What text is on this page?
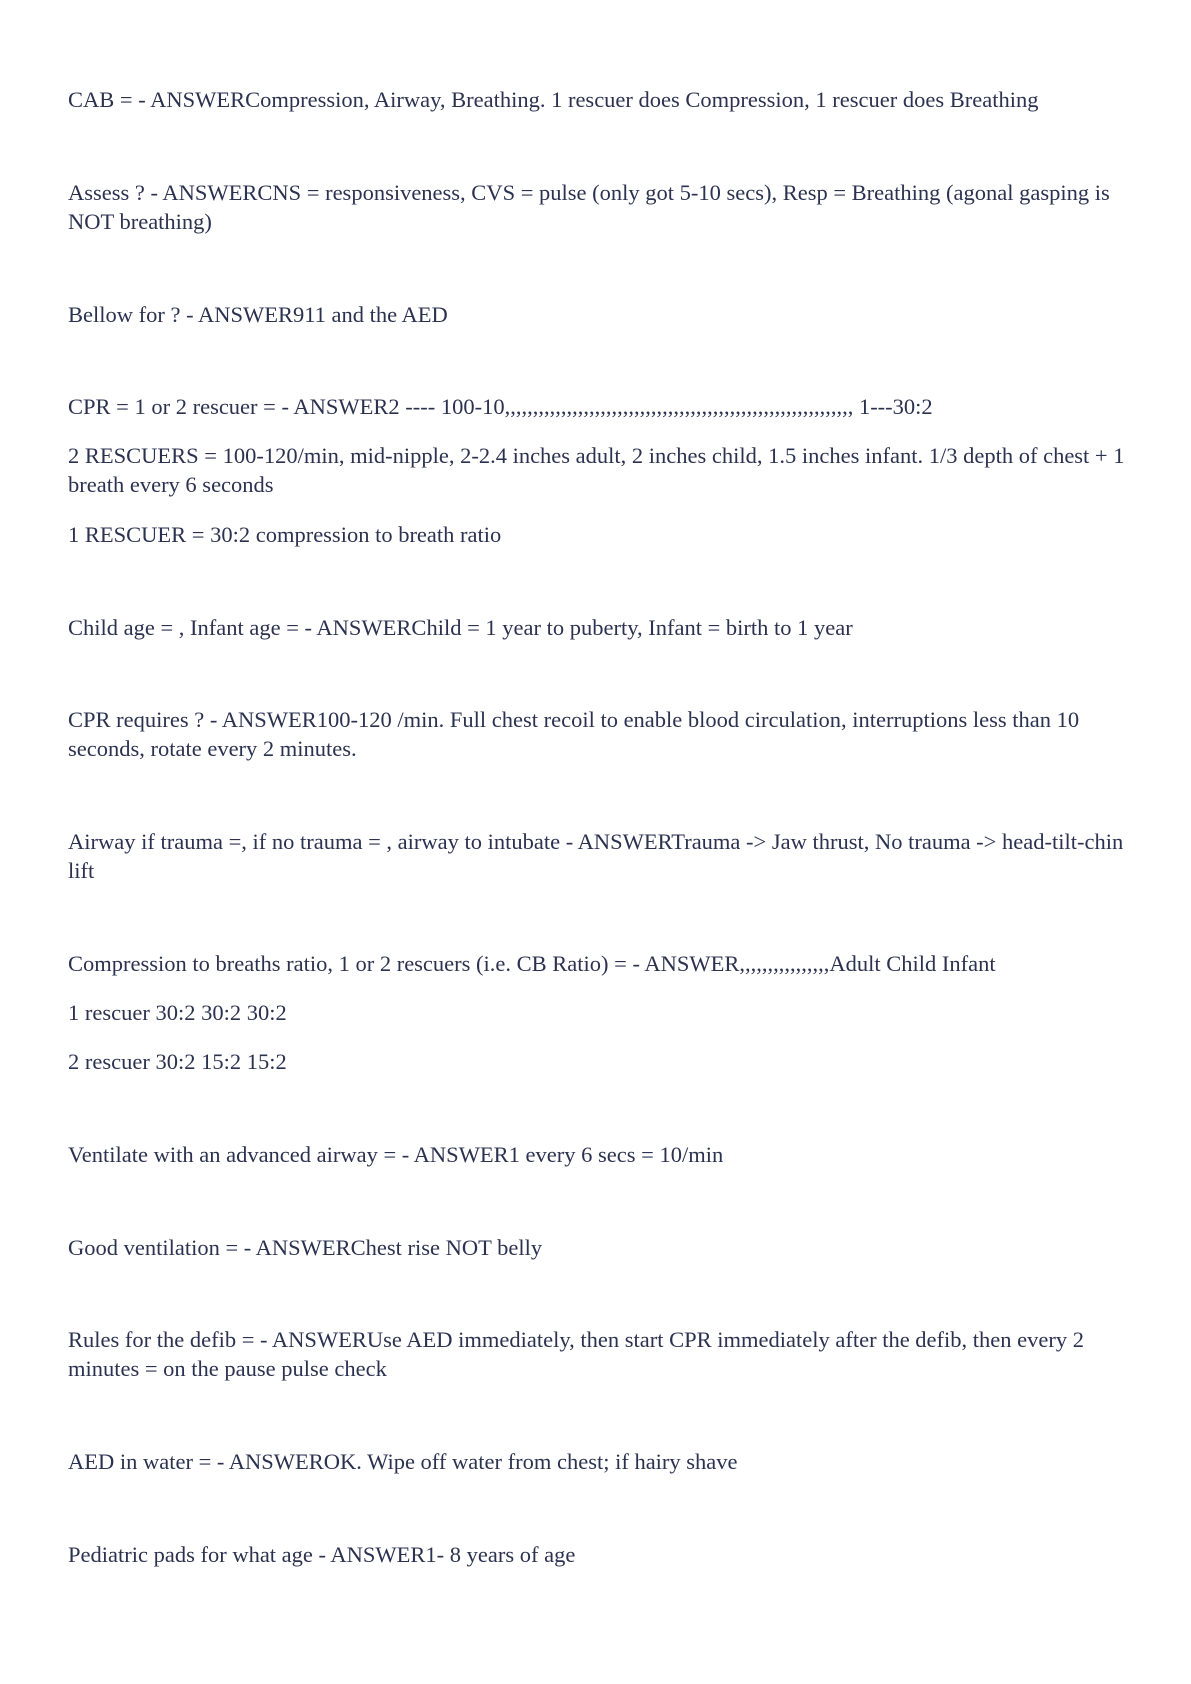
CAB = - ANSWERCompression, Airway, Breathing. 1 rescuer does Compression, 1 rescuer does Breathing

Assess ? - ANSWERCNS = responsiveness, CVS = pulse (only got 5-10 secs), Resp = Breathing (agonal gasping is NOT breathing)

Bellow for ? - ANSWER911 and the AED

CPR = 1 or 2 rescuer = - ANSWER2 ---- 100-10,,,,,,,,,,,,,,,,,,,,,,,,,,,,,,,,,,,,,,,,,,,,,,,,,,,,,,,,,,,,,, 1---30:2

2 RESCUERS = 100-120/min, mid-nipple, 2-2.4 inches adult, 2 inches child, 1.5 inches infant. 1/3 depth of chest + 1 breath every 6 seconds

1 RESCUER = 30:2 compression to breath ratio

Child age = , Infant age = - ANSWERChild = 1 year to puberty, Infant = birth to 1 year

CPR requires ? - ANSWER100-120 /min. Full chest recoil to enable blood circulation, interruptions less than 10 seconds, rotate every 2 minutes.

Airway if trauma =, if no trauma = , airway to intubate - ANSWERTrauma -> Jaw thrust, No trauma -> head-tilt-chin lift

Compression to breaths ratio, 1 or 2 rescuers (i.e. CB Ratio) = - ANSWER,,,,,,,,,,,,,,,,Adult Child Infant

1 rescuer 30:2 30:2 30:2

2 rescuer 30:2 15:2 15:2

Ventilate with an advanced airway = - ANSWER1 every 6 secs = 10/min

Good ventilation = - ANSWERChest rise NOT belly

Rules for the defib = - ANSWERUse AED immediately, then start CPR immediately after the defib, then every 2 minutes = on the pause pulse check

AED in water = - ANSWEROK. Wipe off water from chest; if hairy shave

Pediatric pads for what age - ANSWER1- 8 years of age
